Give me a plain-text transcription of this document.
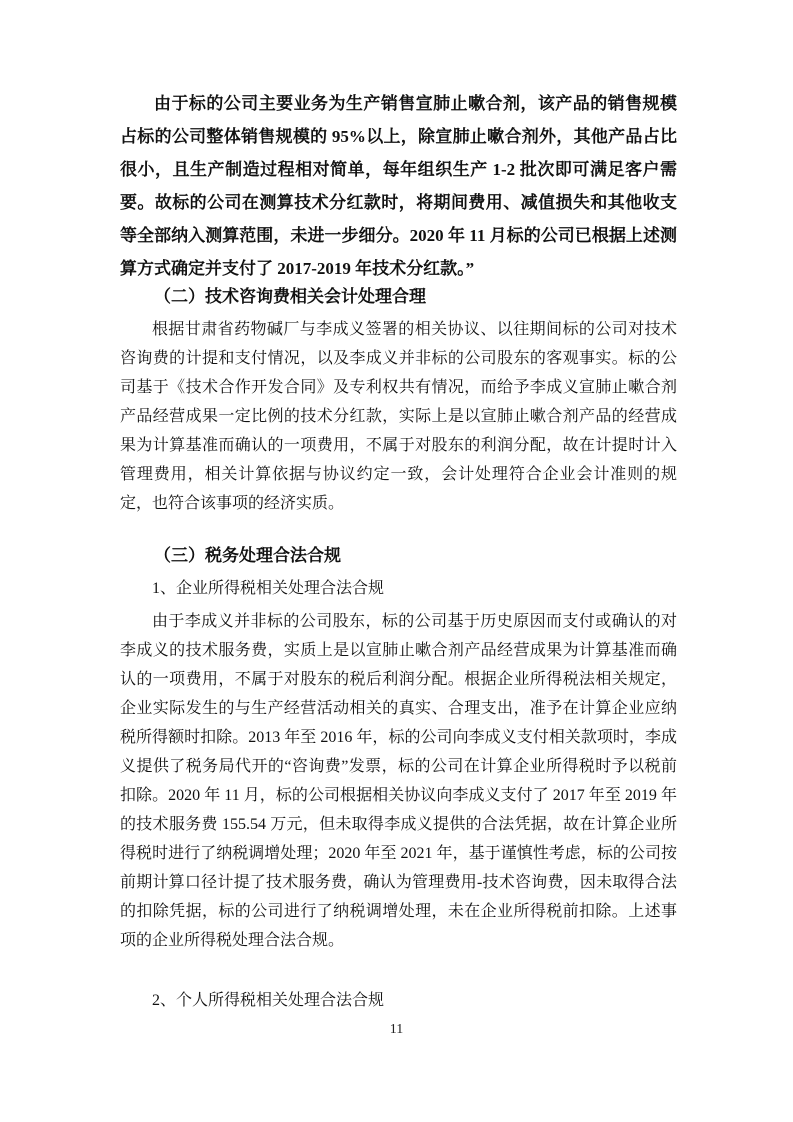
由于标的公司主要业务为生产销售宣肺止嗽合剂，该产品的销售规模占标的公司整体销售规模的 95%以上，除宣肺止嗽合剂外，其他产品占比很小，且生产制造过程相对简单，每年组织生产 1-2 批次即可满足客户需要。故标的公司在测算技术分红款时，将期间费用、减值损失和其他收支等全部纳入测算范围，未进一步细分。2020 年 11 月标的公司已根据上述测算方式确定并支付了 2017-2019 年技术分红款。”

（二）技术咨询费相关会计处理合理

根据甘肃省药物碱厂与李成义签署的相关协议、以往期间标的公司对技术咨询费的计提和支付情况，以及李成义并非标的公司股东的客观事实。标的公司基于《技术合作开发合同》及专利权共有情况，而给予李成义宣肺止嗽合剂产品经营成果一定比例的技术分红款，实际上是以宣肺止嗽合剂产品的经营成果为计算基准而确认的一项费用，不属于对股东的利润分配，故在计提时计入管理费用，相关计算依据与协议约定一致，会计处理符合企业会计准则的规定，也符合该事项的经济实质。

（三）税务处理合法合规

1、企业所得税相关处理合法合规

由于李成义并非标的公司股东，标的公司基于历史原因而支付或确认的对李成义的技术服务费，实质上是以宣肺止嗽合剂产品经营成果为计算基准而确认的一项费用，不属于对股东的税后利润分配。根据企业所得税法相关规定，企业实际发生的与生产经营活动相关的真实、合理支出，准予在计算企业应纳税所得额时扣除。2013 年至 2016 年，标的公司向李成义支付相关款项时，李成义提供了税务局代开的“咨询费”发票，标的公司在计算企业所得税时予以税前扣除。2020 年 11 月，标的公司根据相关协议向李成义支付了 2017 年至 2019 年的技术服务费 155.54 万元，但未取得李成义提供的合法凭据，故在计算企业所得税时进行了纳税调增处理；2020 年至 2021 年，基于谨慎性考虑，标的公司按前期计算口径计提了技术服务费，确认为管理费用-技术咨询费，因未取得合法的扣除凭据，标的公司进行了纳税调增处理，未在企业所得税前扣除。上述事项的企业所得税处理合法合规。

2、个人所得税相关处理合法合规

11
